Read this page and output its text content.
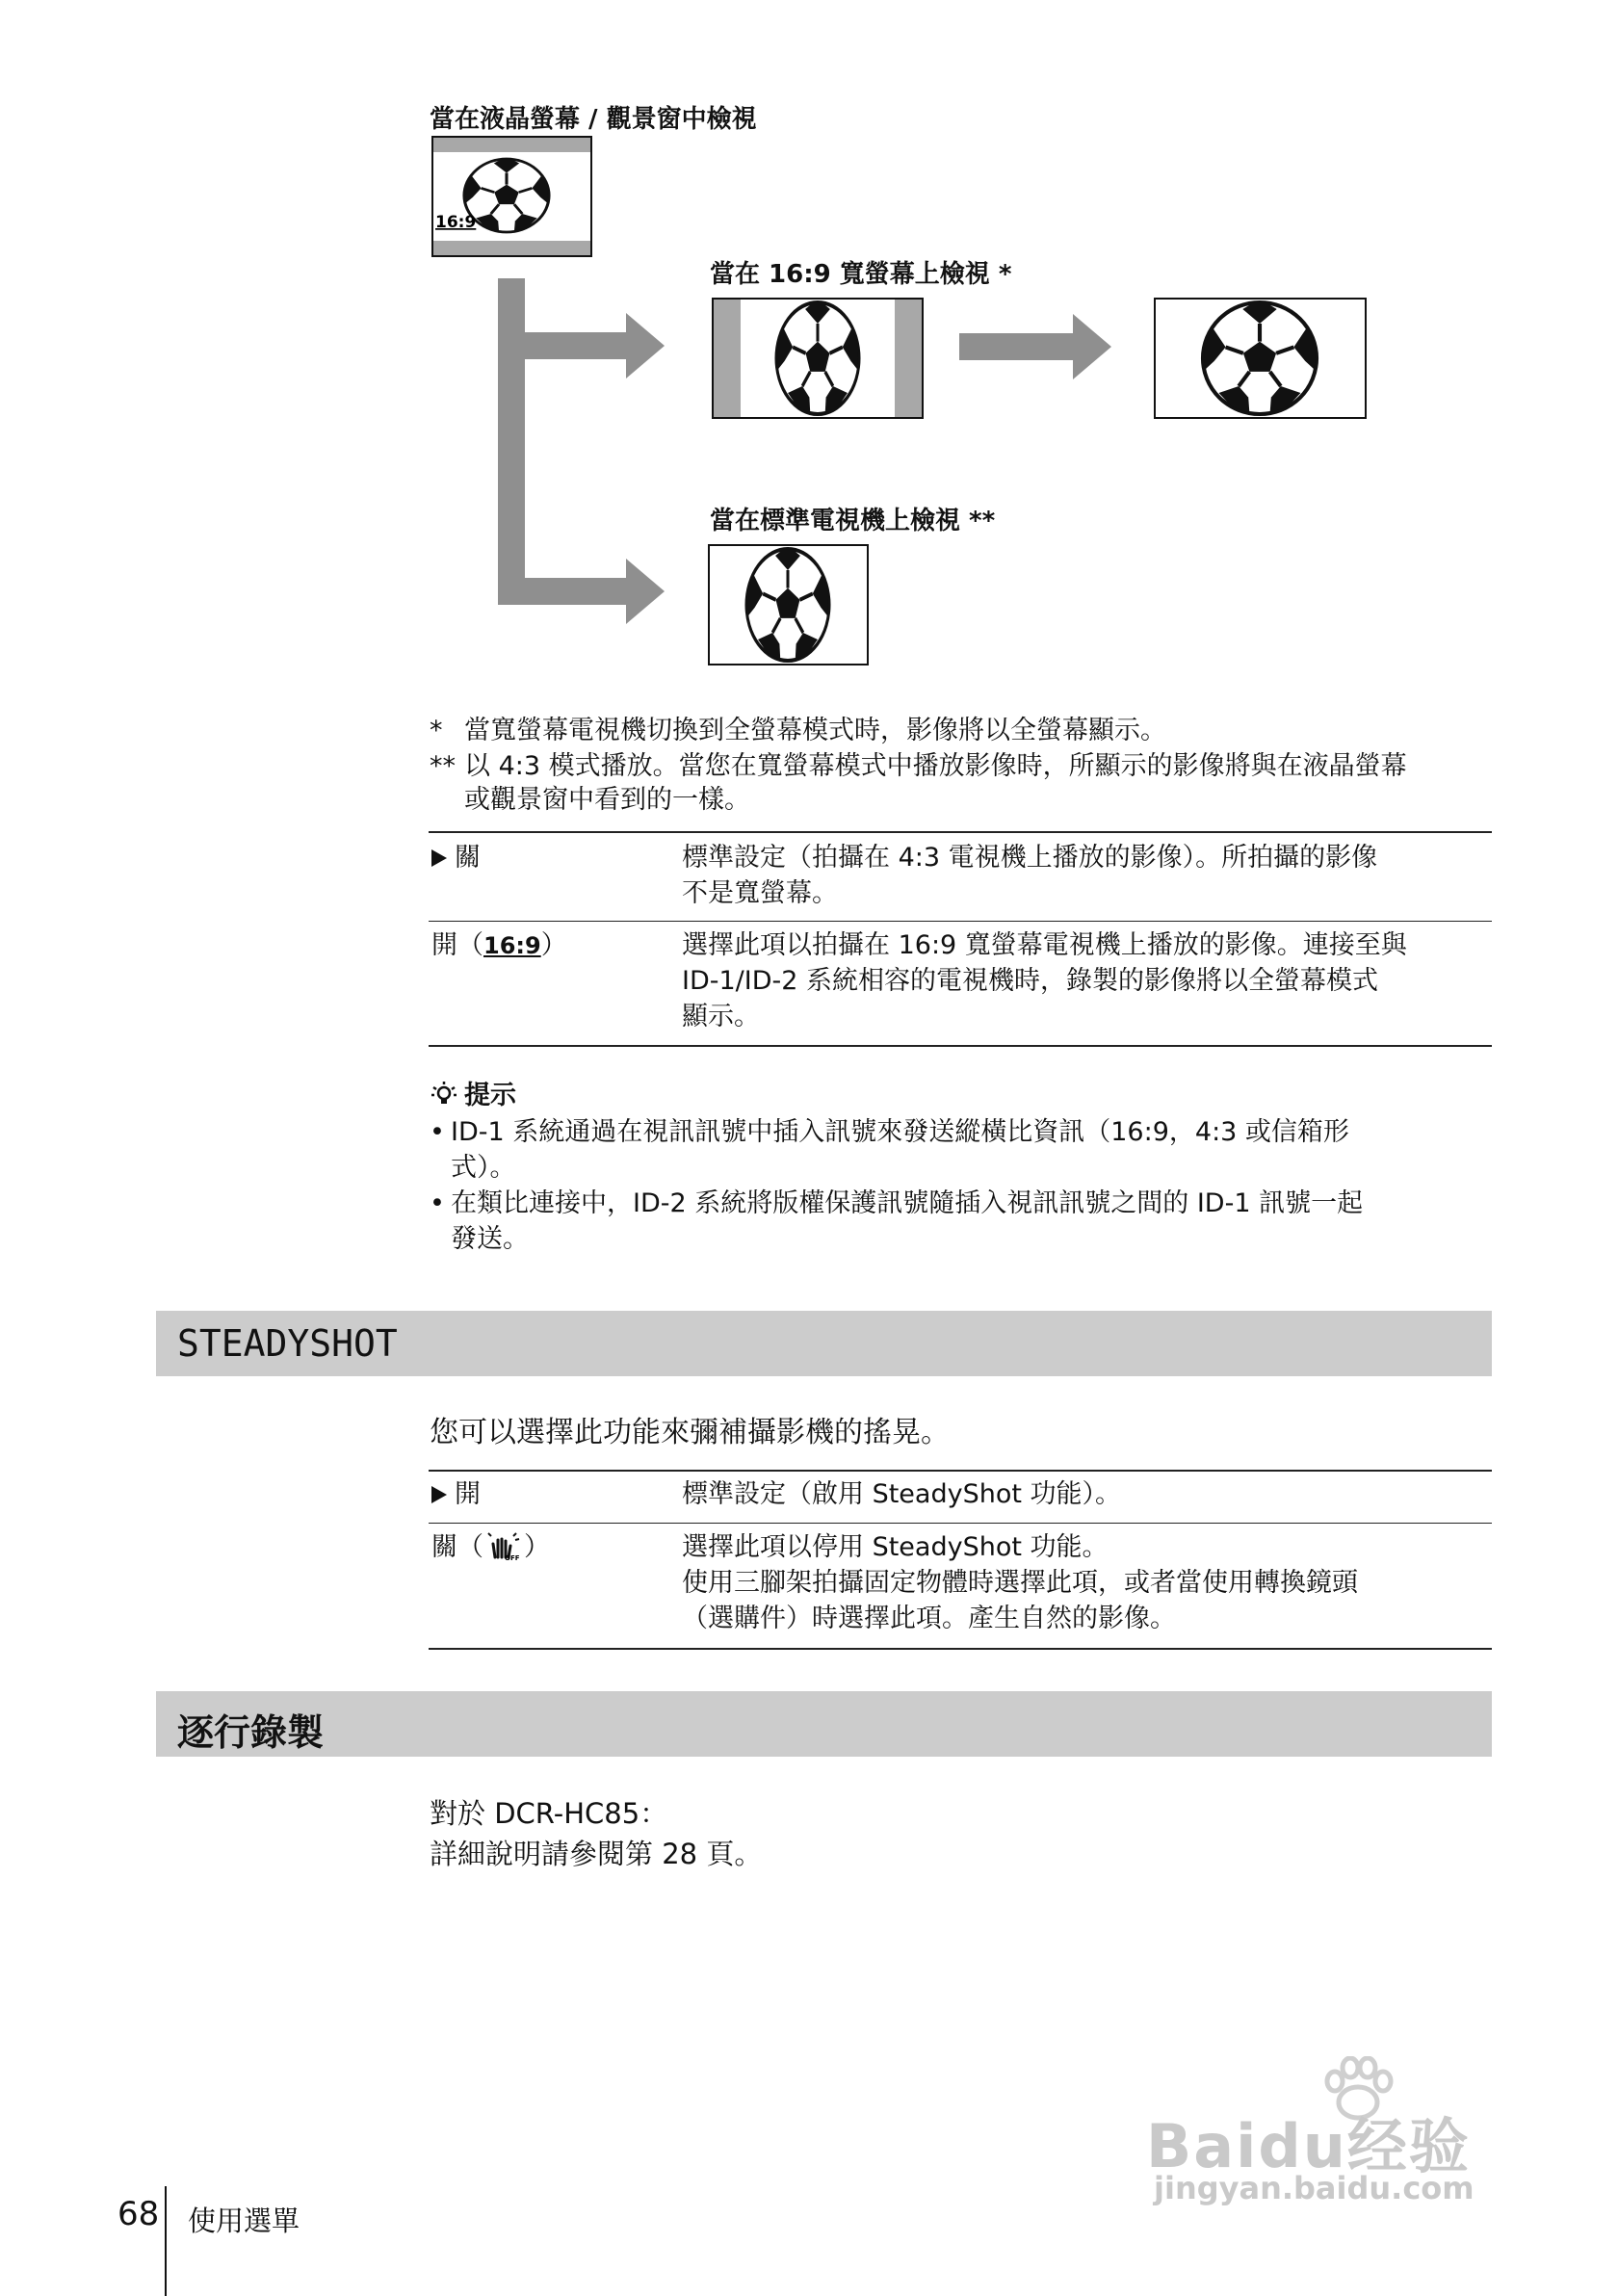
當在液晶螢幕 / 觀景窗中檢視
16:9
當在 16:9 寬螢幕上檢視 *
當在標準電視機上檢視 **
* 當寬螢幕電視機切換到全螢幕模式時，影像將以全螢幕顯示。
** 以 4:3 模式播放。當您在寬螢幕模式中播放影像時，所顯示的影像將與在液晶螢幕
或觀景窗中看到的一樣。
關	標準設定（拍攝在 4:3 電視機上播放的影像）。所拍攝的影像
不是寬螢幕。
開（16:9）	選擇此項以拍攝在 16:9 寬螢幕電視機上播放的影像。連接至與
ID-1/ID-2 系統相容的電視機時，錄製的影像將以全螢幕模式
顯示。
提示
• ID-1 系統通過在視訊訊號中插入訊號來發送縱橫比資訊（16:9，4:3 或信箱形
式）。
• 在類比連接中，ID-2 系統將版權保護訊號隨插入視訊訊號之間的 ID-1 訊號一起
發送。
STEADYSHOT
您可以選擇此功能來彌補攝影機的搖晃。
開	標準設定（啟用 SteadyShot 功能）。
關（	OFF ）	選擇此項以停用 SteadyShot 功能。
使用三腳架拍攝固定物體時選擇此項，或者當使用轉換鏡頭
（選購件）時選擇此項。產生自然的影像。
逐行錄製
對於 DCR-HC85：
詳細說明請參閱第 28 頁。
Baidu经验
jingyan.baidu.com
68 使用選單
